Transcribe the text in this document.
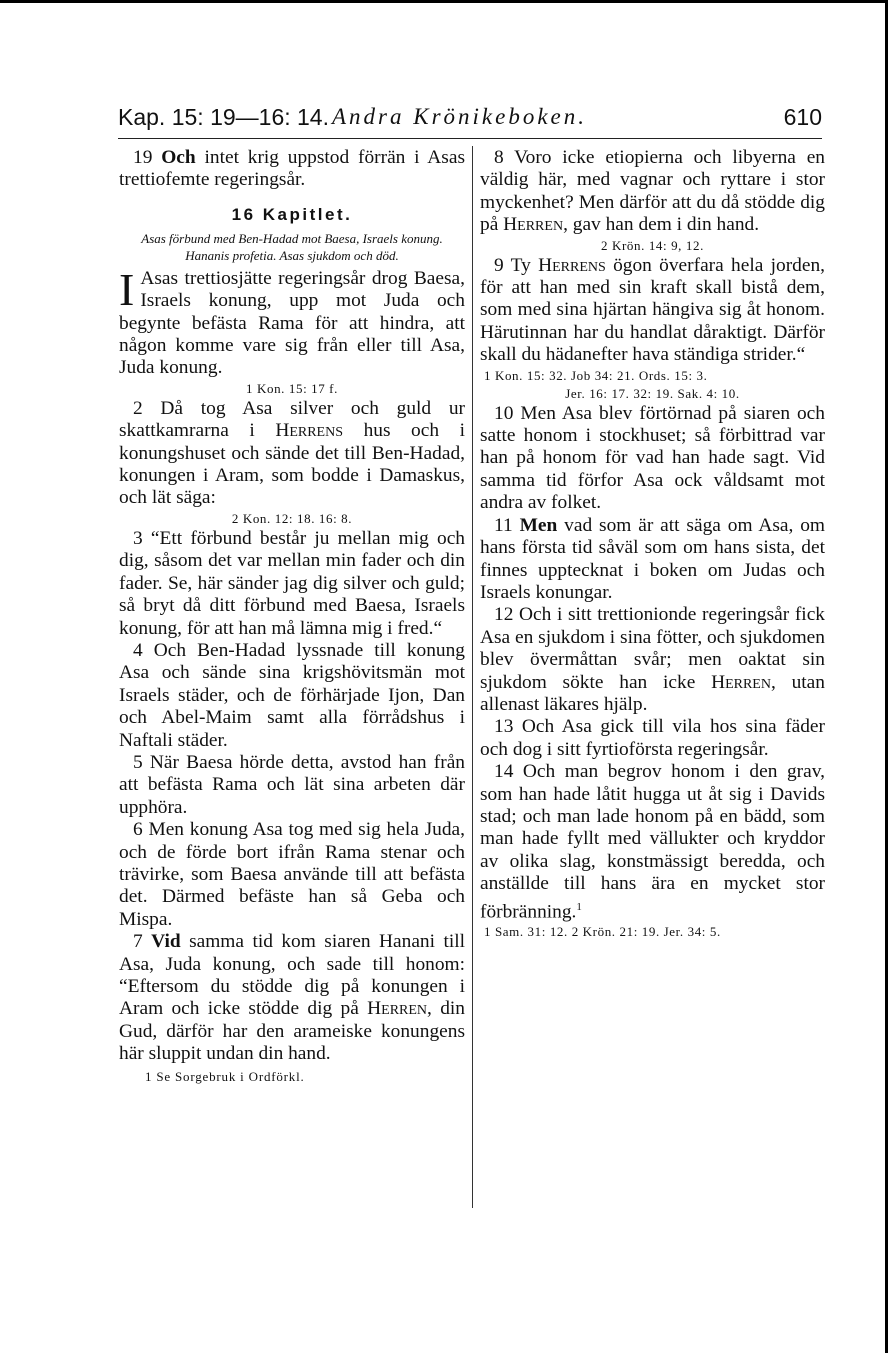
Kap. 15: 19—16: 14. Andra Krönikeboken.	610

19 Och intet krig uppstod förrän i Asas trettiofemte regeringsår.

16 Kapitlet.

Asas förbund med Ben-Hadad mot Baesa, Israels konung. Hananis profetia. Asas sjukdom och död.

I Asas trettiosjätte regeringsår drog Baesa, Israels konung, upp mot Juda och begynte befästa Rama för att hindra, att någon komme vare sig från eller till Asa, Juda konung.

1 Kon. 15: 17 f.

2 Då tog Asa silver och guld ur skattkamrarna i Herrens hus och i konungshuset och sände det till Ben-Hadad, konungen i Aram, som bodde i Damaskus, och lät säga:

2 Kon. 12: 18. 16: 8.

3 “Ett förbund består ju mellan mig och dig, såsom det var mellan min fader och din fader. Se, här sänder jag dig silver och guld; så bryt då ditt förbund med Baesa, Israels konung, för att han må lämna mig i fred.“

4 Och Ben-Hadad lyssnade till konung Asa och sände sina krigshövitsmän mot Israels städer, och de förhärjade Ijon, Dan och Abel-Maim samt alla förrådshus i Naftali städer.

5 När Baesa hörde detta, avstod han från att befästa Rama och lät sina arbeten där upphöra.

6 Men konung Asa tog med sig hela Juda, och de förde bort ifrån Rama stenar och trävirke, som Baesa använde till att befästa det. Därmed befäste han så Geba och Mispa.

7 Vid samma tid kom siaren Hanani till Asa, Juda konung, och sade till honom: “Eftersom du stödde dig på konungen i Aram och icke stödde dig på Herren, din Gud, därför har den arameiske konungens här sluppit undan din hand.

1 Se Sorgebruk i Ordförkl.

8 Voro icke etiopierna och libyerna en väldig här, med vagnar och ryttare i stor myckenhet? Men därför att du då stödde dig på Herren, gav han dem i din hand.

2 Krön. 14: 9, 12.

9 Ty Herrens ögon överfara hela jorden, för att han med sin kraft skall bistå dem, som med sina hjärtan hängiva sig åt honom. Härutinnan har du handlat dåraktigt. Därför skall du hädanefter hava ständiga strider.“

1 Kon. 15: 32. Job 34: 21. Ords. 15: 3.

Jer. 16: 17. 32: 19. Sak. 4: 10.

10 Men Asa blev förtörnad på siaren och satte honom i stockhuset; så förbittrad var han på honom för vad han hade sagt. Vid samma tid förfor Asa ock våldsamt mot andra av folket.

11 Men vad som är att säga om Asa, om hans första tid såväl som om hans sista, det finnes upptecknat i boken om Judas och Israels konungar.

12 Och i sitt trettionionde regeringsår fick Asa en sjukdom i sina fötter, och sjukdomen blev övermåttan svår; men oaktat sin sjukdom sökte han icke Herren, utan allenast läkares hjälp.

13 Och Asa gick till vila hos sina fäder och dog i sitt fyrtioförsta regeringsår.

14 Och man begrov honom i den grav, som han hade låtit hugga ut åt sig i Davids stad; och man lade honom på en bädd, som man hade fyllt med vällukter och kryddor av olika slag, konstmässigt beredda, och anställde till hans ära en mycket stor förbränning.$^1$

1 Sam. 31: 12. 2 Krön. 21: 19. Jer. 34: 5.
